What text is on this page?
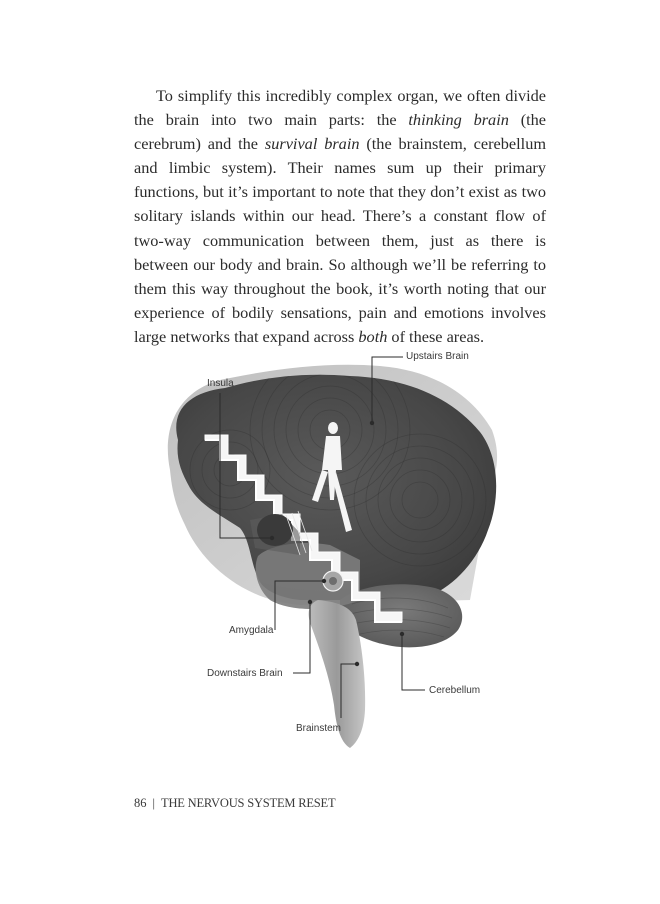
To simplify this incredibly complex organ, we often divide the brain into two main parts: the thinking brain (the cerebrum) and the survival brain (the brainstem, cerebellum and limbic system). Their names sum up their primary functions, but it’s important to note that they don’t exist as two solitary islands within our head. There’s a constant flow of two-way communication between them, just as there is between our body and brain. So although we’ll be referring to them this way throughout the book, it’s worth noting that our experience of bodily sensations, pain and emotions involves large networks that expand across both of these areas.

Upstairs Brain
Insula
Amygdala
Downstairs Brain
Cerebellum
Brainstem
86 | THE NERVOUS SYSTEM RESET
